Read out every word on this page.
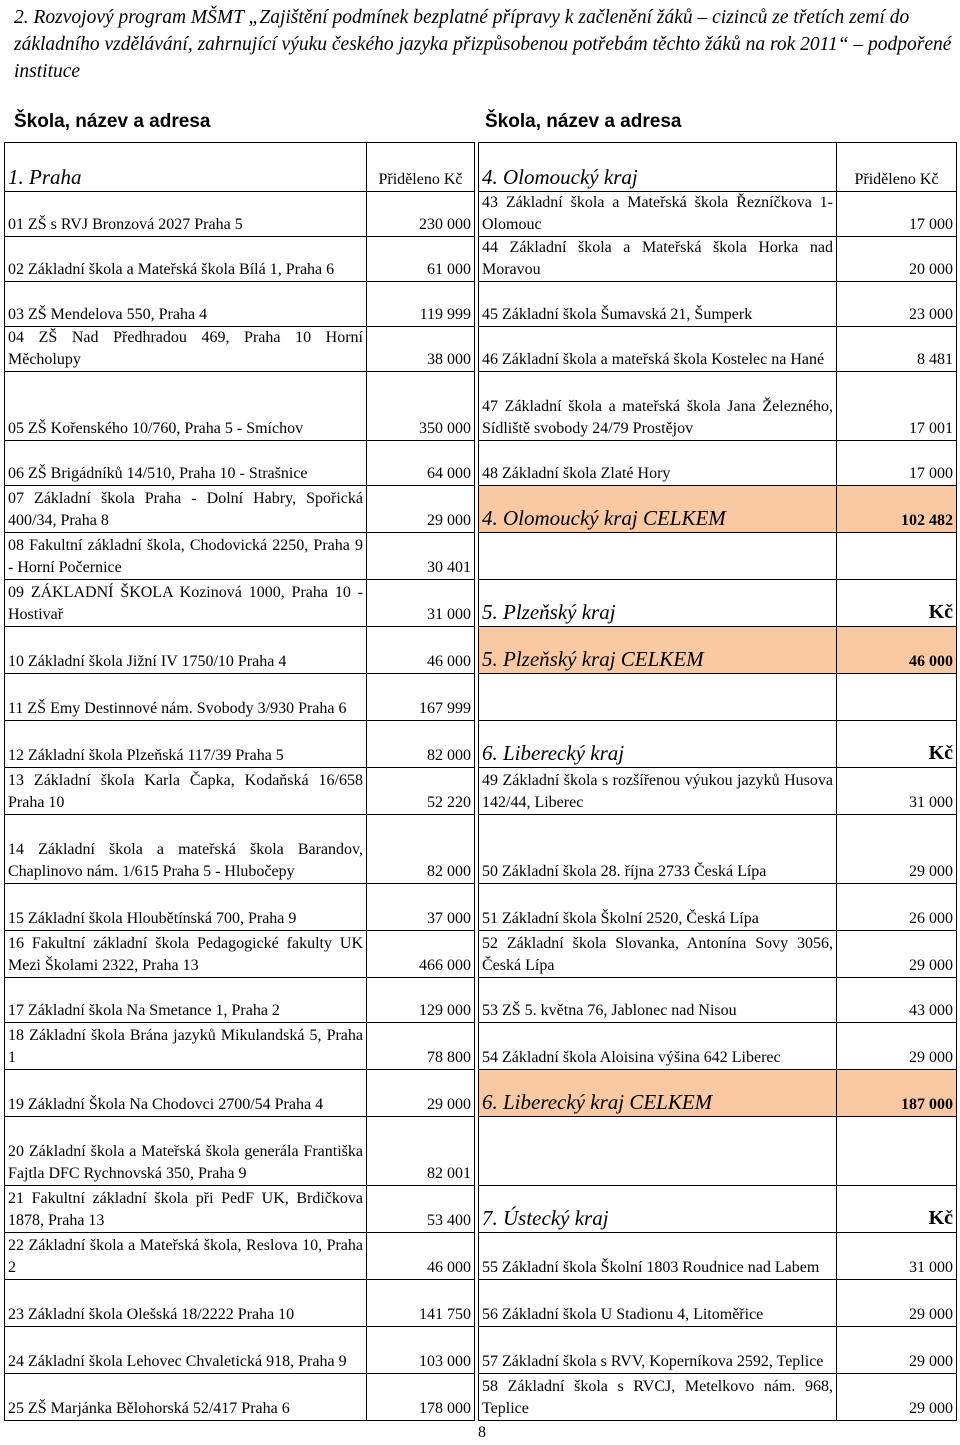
2. Rozvojový program MŠMT „Zajištění podmínek bezplatné přípravy k začlenění žáků – cizinců ze třetích zemí do základního vzdělávání, zahrnující výuku českého jazyka přizpůsobenou potřebám těchto žáků na rok 2011“ – podpořené instituce
Škola, název a adresa	Škola, název a adresa
1. Praha	Přiděleno Kč
01 ZŠ s RVJ Bronzová 2027 Praha 5	230 000
02 Základní škola a Mateřská škola Bílá 1, Praha 6	61 000
03 ZŠ Mendelova 550, Praha 4	119 999
04 ZŠ Nad Předhradou 469, Praha 10 Horní Měcholupy	38 000
05 ZŠ Kořenského 10/760, Praha 5 - Smíchov	350 000
06 ZŠ Brigádníků 14/510, Praha 10 - Strašnice	64 000
07 Základní škola Praha - Dolní Habry, Spořická 400/34, Praha 8	29 000
08 Fakultní základní škola, Chodovická 2250, Praha 9 - Horní Počernice	30 401
09 ZÁKLADNÍ ŠKOLA Kozinová 1000, Praha 10 - Hostivař	31 000
10 Základní škola Jižní IV 1750/10 Praha 4	46 000
11 ZŠ Emy Destinnové nám. Svobody 3/930 Praha 6	167 999
12 Základní škola Plzeňská 117/39 Praha 5	82 000
13 Základní škola Karla Čapka, Kodaňská 16/658 Praha 10	52 220
14 Základní škola a mateřská škola Barandov, Chaplinovo nám. 1/615 Praha 5 - Hlubočepy	82 000
15 Základní škola Hloubětínská 700, Praha 9	37 000
16 Fakultní základní škola Pedagogické fakulty UK Mezi Školami 2322, Praha 13	466 000
17 Základní škola Na Smetance 1, Praha 2	129 000
18 Základní škola Brána jazyků Mikulandská 5, Praha 1	78 800
19 Základní Škola Na Chodovci 2700/54 Praha 4	29 000
20 Základní škola a Mateřská škola generála Františka Fajtla DFC Rychnovská 350, Praha 9	82 001
21 Fakultní základní škola při PedF UK, Brdičkova 1878, Praha 13	53 400
22 Základní škola a Mateřská škola, Reslova 10, Praha 2	46 000
23 Základní škola Olešská 18/2222 Praha 10	141 750
24 Základní škola Lehovec Chvaletická 918, Praha 9	103 000
25 ZŠ Marjánka Bělohorská 52/417 Praha 6	178 000
4. Olomoucký kraj	Přiděleno Kč
43 Základní škola a Mateřská škola Řezníčkova 1-Olomouc	17 000
44 Základní škola a Mateřská škola Horka nad Moravou	20 000
45 Základní škola Šumavská 21, Šumperk	23 000
46 Základní škola a mateřská škola Kostelec na Hané	8 481
47 Základní škola a mateřská škola Jana Železného, Sídliště svobody 24/79 Prostějov	17 001
48 Základní škola Zlaté Hory	17 000
4. Olomoucký kraj CELKEM	102 482

5. Plzeňský kraj	Kč
5. Plzeňský kraj CELKEM	46 000

6. Liberecký kraj	Kč
49 Základní škola s rozšířenou výukou jazyků Husova 142/44, Liberec	31 000
50 Základní škola 28. října 2733 Česká Lípa	29 000
51 Základní škola Školní 2520, Česká Lípa	26 000
52 Základní škola Slovanka, Antonína Sovy 3056, Česká Lípa	29 000
53 ZŠ 5. května 76, Jablonec nad Nisou	43 000
54 Základní škola Aloisina výšina 642 Liberec	29 000
6. Liberecký kraj CELKEM	187 000

7. Ústecký kraj	Kč
55 Základní škola Školní 1803 Roudnice nad Labem	31 000
56 Základní škola U Stadionu 4, Litoměřice	29 000
57 Základní škola s RVV, Koperníkova 2592, Teplice	29 000
58 Základní škola s RVCJ, Metelkovo nám. 968, Teplice	29 000
8
